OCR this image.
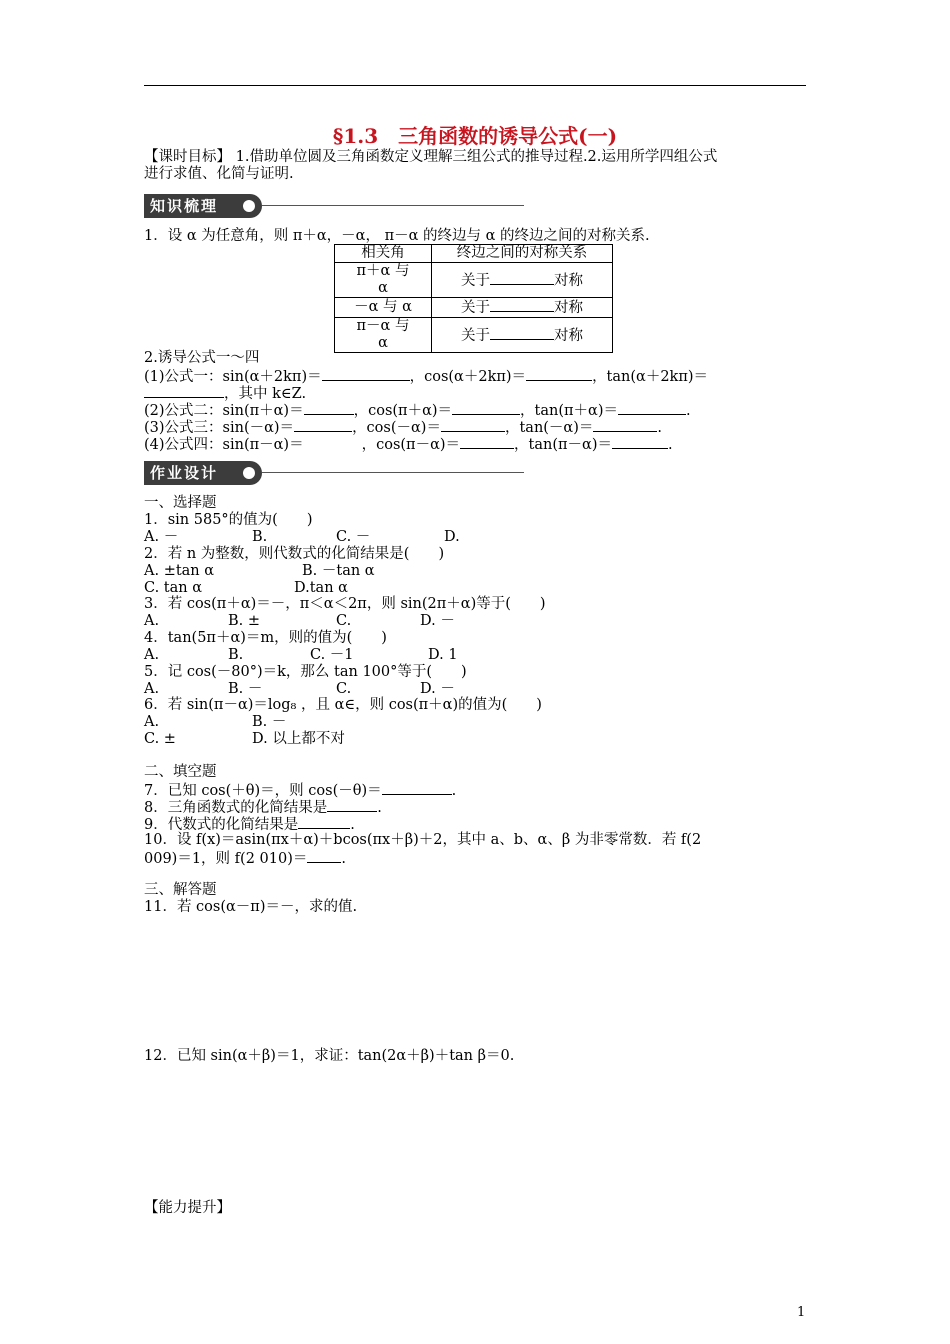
§1.3　三角函数的诱导公式(一)
【课时目标】 1.借助单位圆及三角函数定义理解三组公式的推导过程.2.运用所学四组公式
进行求值、化简与证明.
知识梳理
1．设 α 为任意角，则 π＋α，－α， π－α 的终边与 α 的终边之间的对称关系.
相关角	终边之间的对称关系

π＋α 与
α	关于 对称

－α 与 α	关于 对称

π－α 与
α	关于 对称
2.诱导公式一～四
(1)公式一：sin(α＋2kπ)＝	，cos(α＋2kπ)＝	，tan(α＋2kπ)＝
，其中 k∈Z.
(2)公式二：sin(π＋α)＝	，cos(π＋α)＝	，tan(π＋α)＝	.
(3)公式三：sin(－α)＝	，cos(－α)＝	，tan(－α)＝	.
(4)公式四：sin(π－α)＝	，cos(π－α)＝	，tan(π－α)＝	.
作业设计
一、选择题
1．sin 585°的值为(　　)
A. －	B.	C. －	D.
2．若 n 为整数，则代数式的化简结果是(　　)
A. ±tan α	B. －tan α
C. tan α	D.tan α
3．若 cos(π＋α)＝－，π＜α＜2π，则 sin(2π＋α)等于(　　)
A.	B. ±	C.	D. －
4．tan(5π＋α)＝m，则的值为(　　)
A.	B.	C. －1	D. 1
5．记 cos(－80°)＝k，那么 tan 100°等于(　　)
A.	B. －	C.	D. －
6．若 sin(π－α)＝log₈ ，且 α∈，则 cos(π＋α)的值为(　　)
A.	B. －
C. ±	D. 以上都不对
二、填空题
7．已知 cos(＋θ)＝，则 cos(－θ)＝	.
8．三角函数式的化简结果是	.
9．代数式的化简结果是	.
10．设 f(x)＝asin(πx＋α)＋bcos(πx＋β)＋2，其中 a、b、α、β 为非零常数．若 f(2
009)＝1，则 f(2 010)＝ .
三、解答题
11．若 cos(α－π)＝－，求的值.
12．已知 sin(α＋β)＝1，求证：tan(2α＋β)＋tan β＝0.
【能力提升】
1
